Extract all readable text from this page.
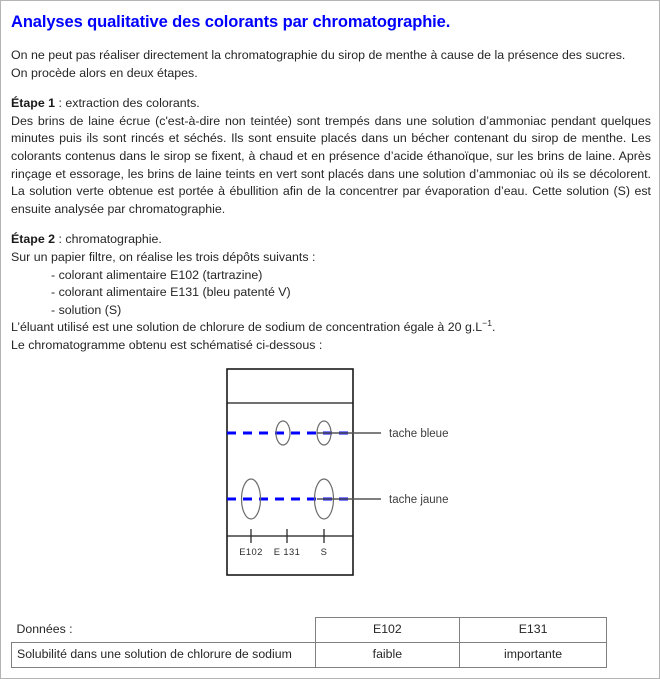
Analyses qualitative des colorants par chromatographie.
On ne peut pas réaliser directement la chromatographie du sirop de menthe à cause de la présence des sucres.
On procède alors en deux étapes.
Étape 1 : extraction des colorants.
Des brins de laine écrue (c'est-à-dire non teintée) sont trempés dans une solution d’ammoniac pendant quelques minutes puis ils sont rincés et séchés. Ils sont ensuite placés dans un bécher contenant du sirop de menthe. Les colorants contenus dans le sirop se fixent, à chaud et en présence d’acide éthanoïque, sur les brins de laine. Après rinçage et essorage, les brins de laine teints en vert sont placés dans une solution d’ammoniac où ils se décolorent. La solution verte obtenue est portée à ébullition afin de la concentrer par évaporation d’eau. Cette solution (S) est ensuite analysée par chromatographie.
Étape 2 : chromatographie.
Sur un papier filtre, on réalise les trois dépôts suivants :
- colorant alimentaire E102 (tartrazine)
- colorant alimentaire E131 (bleu patenté V)
- solution (S)
L’éluant utilisé est une solution de chlorure de sodium de concentration égale à 20 $g.L^{-1}$.
Le chromatogramme obtenu est schématisé ci-dessous :
E102 E 131 S
tache bleue
tache jaune
Données :	E102	E131
Solubilité dans une solution de chlorure de sodium	faible	importante
